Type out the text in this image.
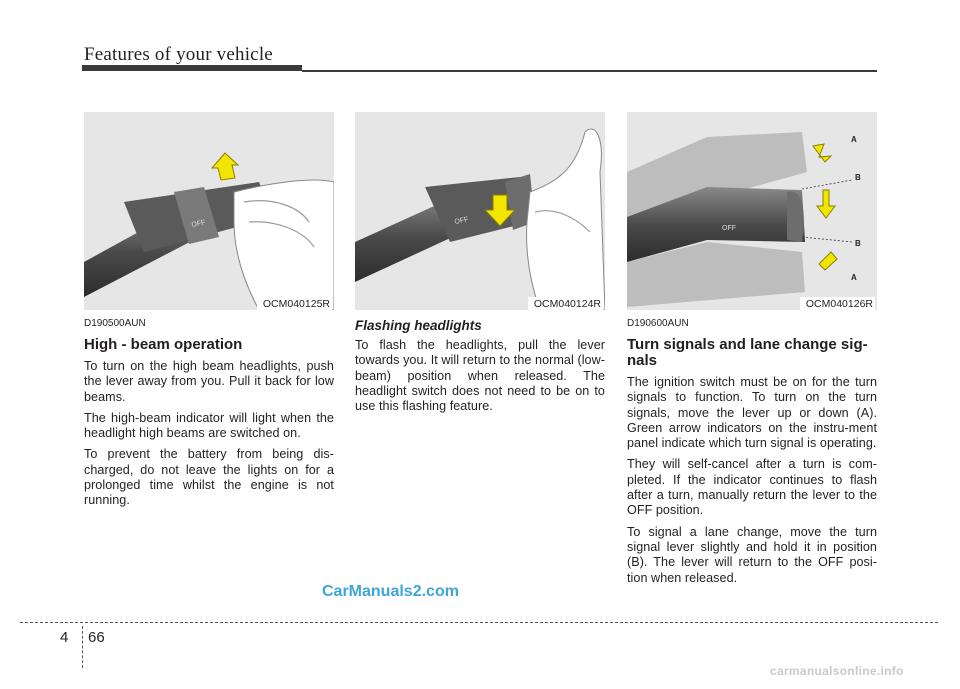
Features of your vehicle
OFF
OCM040125R
OFF
OCM040124R
OFF
A
B
B
A
OCM040126R
D190500AUN
High - beam operation

To turn on the high beam headlights, push the lever away from you. Pull it back for low beams.

The high-beam indicator will light when the headlight high beams are switched on.

To prevent the battery from being dis-charged, do not leave the lights on for a prolonged time whilst the engine is not running.

Flashing headlights

To flash the headlights, pull the lever towards you. It will return to the normal (low-beam) position when released. The headlight switch does not need to be on to use this flashing feature.

D190600AUN
Turn signals and lane change sig-nals

The ignition switch must be on for the turn signals to function. To turn on the turn signals, move the lever up or down (A). Green arrow indicators on the instru-ment panel indicate which turn signal is operating.

They will self-cancel after a turn is com-pleted. If the indicator continues to flash after a turn, manually return the lever to the OFF position.

To signal a lane change, move the turn signal lever slightly and hold it in position (B). The lever will return to the OFF posi-tion when released.

CarManuals2.com
4 66
carmanualsonline.info
